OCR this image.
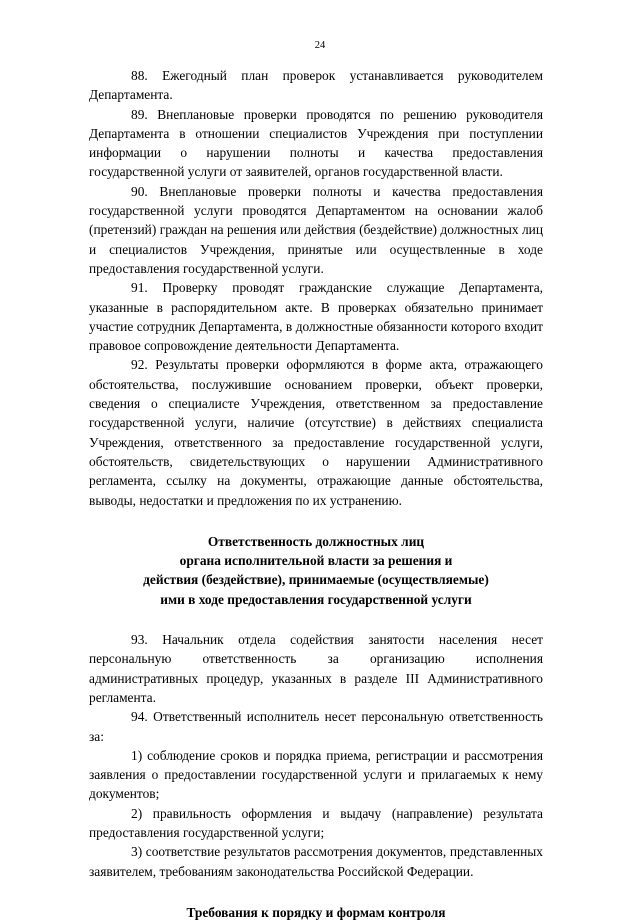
24

88. Ежегодный план проверок устанавливается руководителем Департамента.

89. Внеплановые проверки проводятся по решению руководителя Департамента в отношении специалистов Учреждения при поступлении информации о нарушении полноты и качества предоставления государственной услуги от заявителей, органов государственной власти.

90. Внеплановые проверки полноты и качества предоставления государственной услуги проводятся Департаментом на основании жалоб (претензий) граждан на решения или действия (бездействие) должностных лиц и специалистов Учреждения, принятые или осуществленные в ходе предоставления государственной услуги.

91. Проверку проводят гражданские служащие Департамента, указанные в распорядительном акте. В проверках обязательно принимает участие сотрудник Департамента, в должностные обязанности которого входит правовое сопровождение деятельности Департамента.

92. Результаты проверки оформляются в форме акта, отражающего обстоятельства, послужившие основанием проверки, объект проверки, сведения о специалисте Учреждения, ответственном за предоставление государственной услуги, наличие (отсутствие) в действиях специалиста Учреждения, ответственного за предоставление государственной услуги, обстоятельств, свидетельствующих о нарушении Административного регламента, ссылку на документы, отражающие данные обстоятельства, выводы, недостатки и предложения по их устранению.

Ответственность должностных лиц

органа исполнительной власти за решения и

действия (бездействие), принимаемые (осуществляемые)

ими в ходе предоставления государственной услуги

93. Начальник отдела содействия занятости населения несет персональную ответственность за организацию исполнения административных процедур, указанных в разделе III Административного регламента.

94. Ответственный исполнитель несет персональную ответственность за:

1) соблюдение сроков и порядка приема, регистрации и рассмотрения заявления о предоставлении государственной услуги и прилагаемых к нему документов;

2) правильность оформления и выдачу (направление) результата предоставления государственной услуги;

3) соответствие результатов рассмотрения документов, представленных заявителем, требованиям законодательства Российской Федерации.

Требования к порядку и формам контроля
